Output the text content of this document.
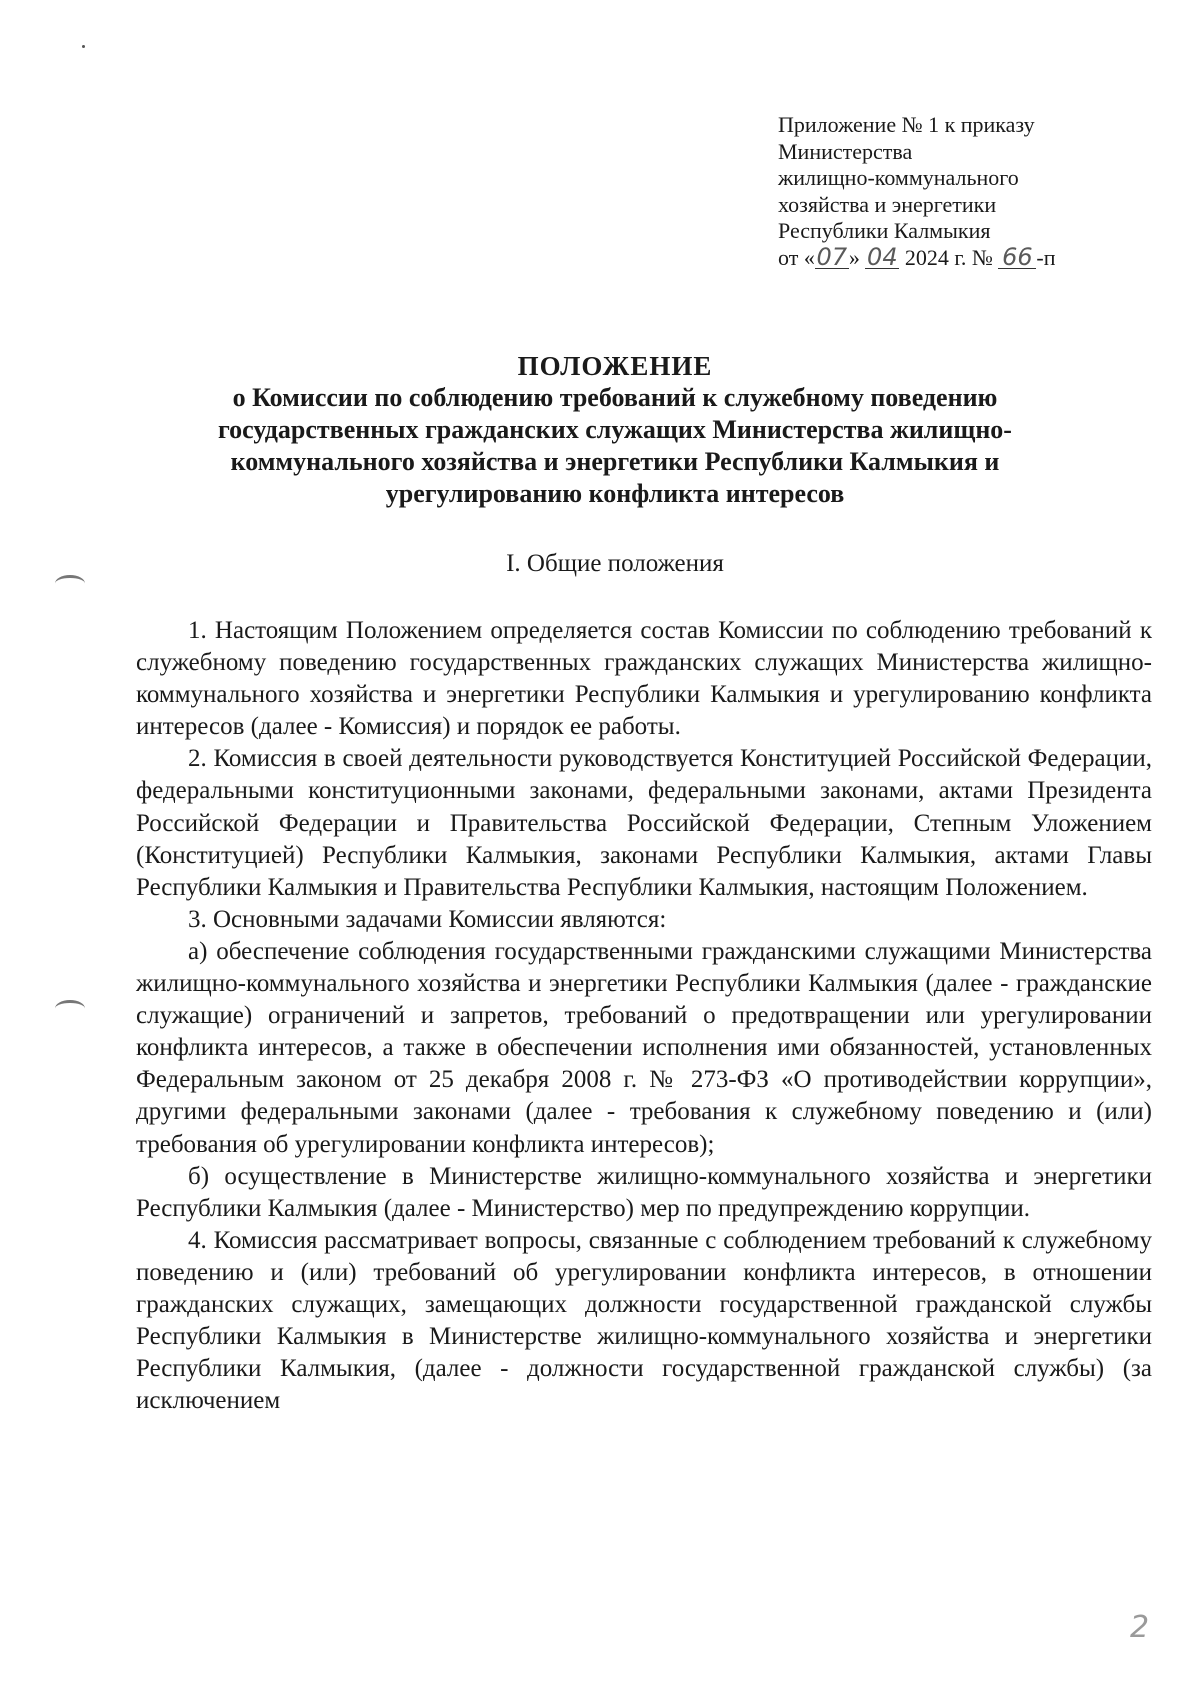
Приложение № 1 к приказу
Министерства
жилищно-коммунального
хозяйства и энергетики
Республики Калмыкия
от «07» 04 2024 г. № 66 -п
ПОЛОЖЕНИЕ
о Комиссии по соблюдению требований к служебному поведению
государственных гражданских служащих Министерства жилищно-
коммунального хозяйства и энергетики Республики Калмыкия и
урегулированию конфликта интересов
I. Общие положения

1. Настоящим Положением определяется состав Комиссии по соблюдению требований к служебному поведению государственных гражданских служащих Министерства жилищно-коммунального хозяйства и энергетики Республики Калмыкия и урегулированию конфликта интересов (далее - Комиссия) и порядок ее работы.

2. Комиссия в своей деятельности руководствуется Конституцией Российской Федерации, федеральными конституционными законами, федеральными законами, актами Президента Российской Федерации и Правительства Российской Федерации, Степным Уложением (Конституцией) Республики Калмыкия, законами Республики Калмыкия, актами Главы Республики Калмыкия и Правительства Республики Калмыкия, настоящим Положением.

3. Основными задачами Комиссии являются:

а) обеспечение соблюдения государственными гражданскими служащими Министерства жилищно-коммунального хозяйства и энергетики Республики Калмыкия (далее - гражданские служащие) ограничений и запретов, требований о предотвращении или урегулировании конфликта интересов, а также в обеспечении исполнения ими обязанностей, установленных Федеральным законом от 25 декабря 2008 г. № 273-ФЗ «О противодействии коррупции», другими федеральными законами (далее - требования к служебному поведению и (или) требования об урегулировании конфликта интересов);

б) осуществление в Министерстве жилищно-коммунального хозяйства и энергетики Республики Калмыкия (далее - Министерство) мер по предупреждению коррупции.

4. Комиссия рассматривает вопросы, связанные с соблюдением требований к служебному поведению и (или) требований об урегулировании конфликта интересов, в отношении гражданских служащих, замещающих должности государственной гражданской службы Республики Калмыкия в Министерстве жилищно-коммунального хозяйства и энергетики Республики Калмыкия, (далее - должности государственной гражданской службы) (за исключением

2
